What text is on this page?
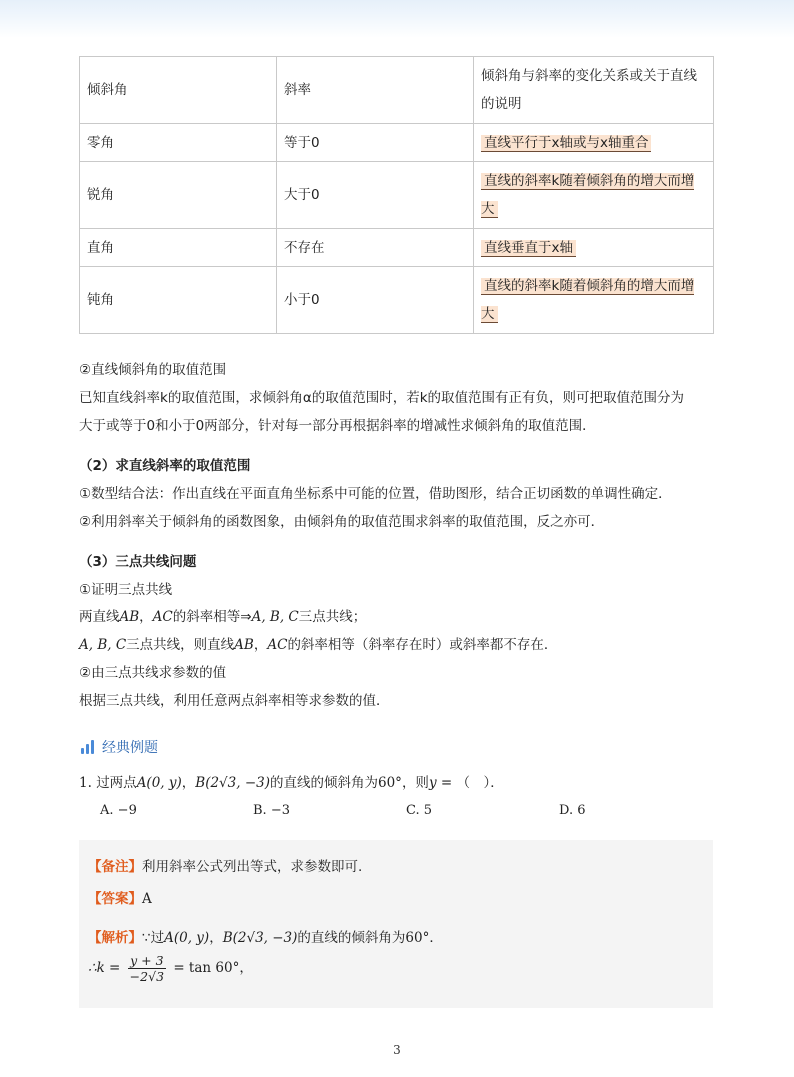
倾斜角	斜率	倾斜角与斜率的变化关系或关于直线的说明
零角	等于0	直线平行于x轴或与x轴重合
锐角	大于0	直线的斜率k随着倾斜角的增大而增大
直角	不存在	直线垂直于x轴
钝角	小于0	直线的斜率k随着倾斜角的增大而增大
②直线倾斜角的取值范围
已知直线斜率k的取值范围，求倾斜角α的取值范围时，若k的取值范围有正有负，则可把取值范围分为
大于或等于0和小于0两部分，针对每一部分再根据斜率的增减性求倾斜角的取值范围．
（2）求直线斜率的取值范围
①数型结合法：作出直线在平面直角坐标系中可能的位置，借助图形，结合正切函数的单调性确定．
②利用斜率关于倾斜角的函数图象，由倾斜角的取值范围求斜率的取值范围，反之亦可．
（3）三点共线问题
①证明三点共线
两直线AB，AC的斜率相等⇒A, B, C三点共线；
A, B, C三点共线，则直线AB，AC的斜率相等（斜率存在时）或斜率都不存在．
②由三点共线求参数的值
根据三点共线，利用任意两点斜率相等求参数的值．
经典例题
1. 过两点A(0, y)，B(2√3, −3)的直线的倾斜角为60°，则y = （　）．
A. −9	B. −3	C. 5	D. 6
【备注】利用斜率公式列出等式，求参数即可.
【答案】A
【解析】∵过A(0, y)，B(2√3, −3)的直线的倾斜角为60°．
∴k = $\frac{y + 3}{-2√3} = \tan 60^\circ$，
3
